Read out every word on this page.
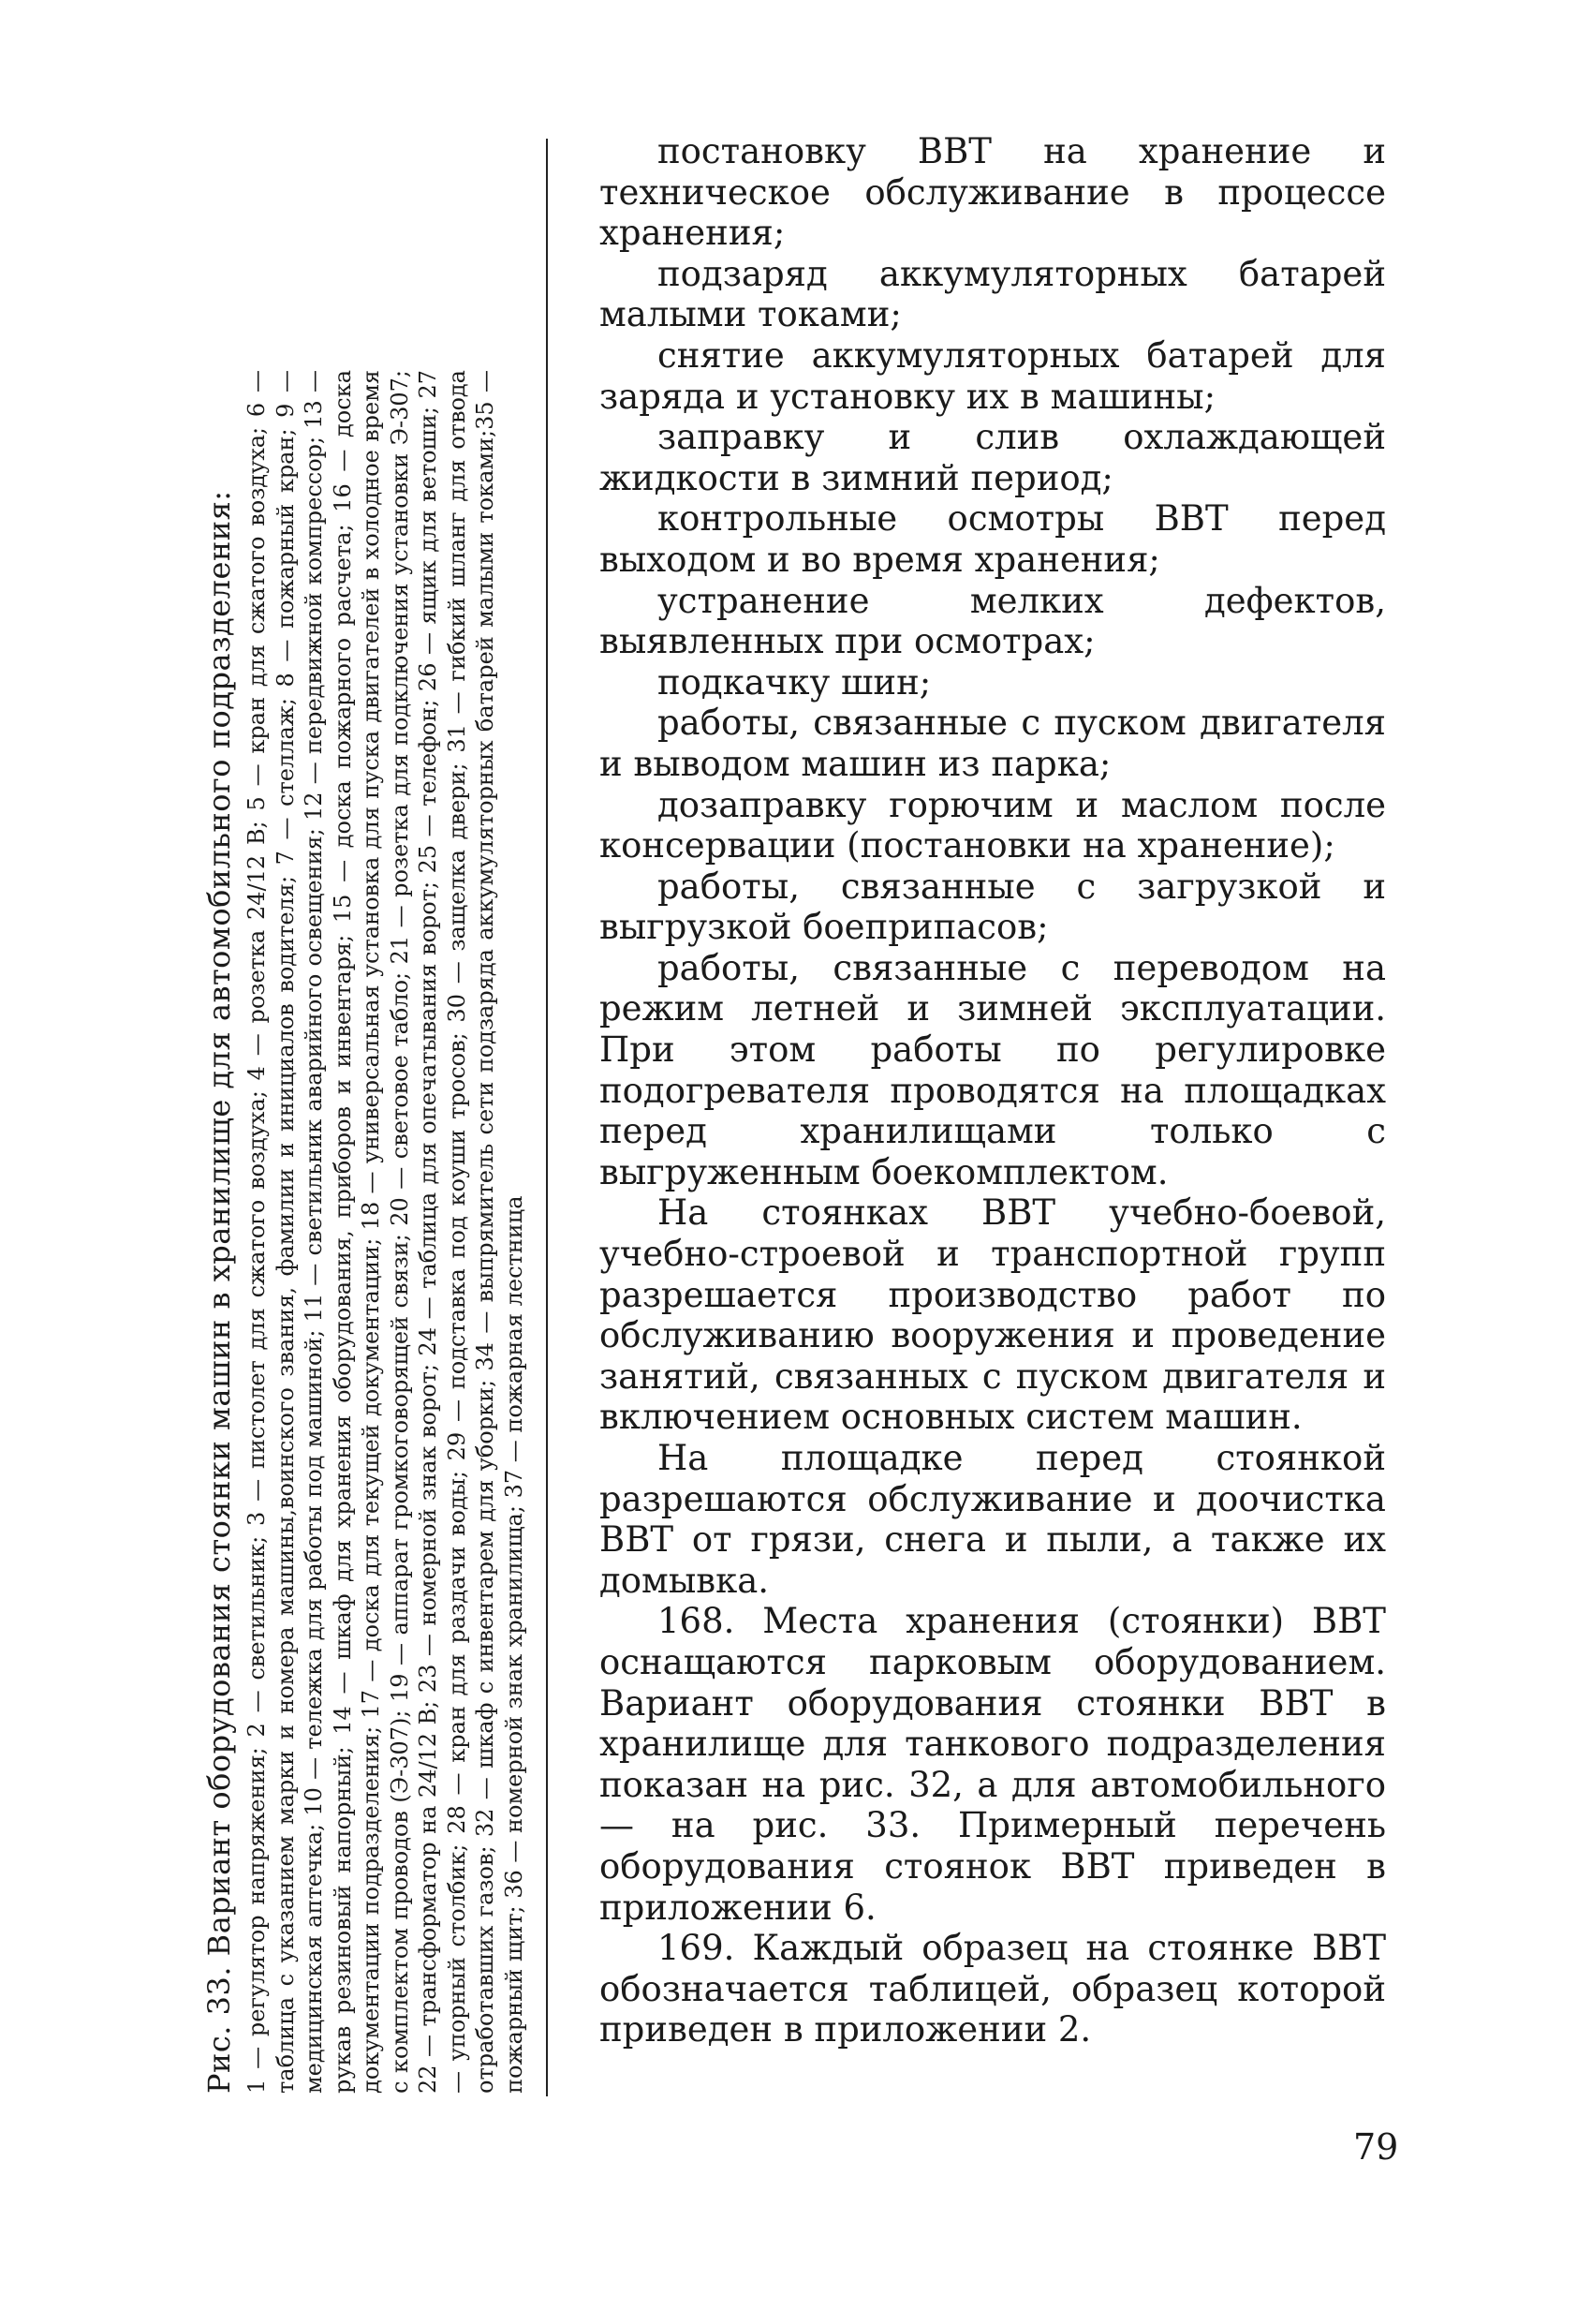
Рис. 33. Вариант оборудования стоянки машин в хранилище для автомобильного подразделения: 1 — регулятор напряжения; 2 — светильник; 3 — пистолет для сжатого воздуха; 4 — розетка 24/12 В; 5 — кран для сжатого воздуха; 6 — таблица с указанием марки и номера машины,воинского звания, фамилии и инициалов водителя; 7 — стеллаж; 8 — пожарный кран; 9 — медицинская аптечка; 10 — тележка для работы под машиной; 11 — светильник аварийного освещения; 12 — передвижной компрессор; 13 — рукав резиновый напорный; 14 — шкаф для хранения оборудования, приборов и инвентаря; 15 — доска пожарного расчета; 16 — доска документации подразделения; 17 — доска для текущей документации; 18 — универсальная установка для пуска двигателей в холодное время с комплектом проводов (Э-307); 19 — аппарат громкоговорящей связи; 20 — световое табло; 21 — розетка для подключения установки Э-307; 22 — трансформатор на 24/12 В; 23 — номерной знак ворот; 24 — таблица для опечатывания ворот; 25 — телефон; 26 — ящик для ветоши; 27 — упорный столбик; 28 — кран для раздачи воды; 29 — подставка под коуши тросов; 30 — защелка двери; 31 — гибкий шланг для отвода отработавших газов; 32 — шкаф с инвентарем для уборки; 34 — выпрямитель сети подзаряда аккумуляторных батарей малыми токами;35 — пожарный щит; 36 — номерной знак хранилища; 37 — пожарная лестница

постановку ВВТ на хранение и техническое обслуживание в процессе хранения;

подзаряд аккумуляторных батарей малыми токами;

снятие аккумуляторных батарей для заряда и установку их в машины;

заправку и слив охлаждающей жидкости в зимний период;

контрольные осмотры ВВТ перед выходом и во время хранения;

устранение мелких дефектов, выявленных при осмотрах;

подкачку шин;

работы, связанные с пуском двигателя и выводом машин из парка;

дозаправку горючим и маслом после консервации (постановки на хранение);

работы, связанные с загрузкой и выгрузкой боеприпасов;

работы, связанные с переводом на режим летней и зимней эксплуатации. При этом работы по регулировке подогревателя проводятся на площадках перед хранилищами только с выгруженным боекомплектом.

На стоянках ВВТ учебно-боевой, учебно-строевой и транспортной групп разрешается производство работ по обслуживанию вооружения и проведение занятий, связанных с пуском двигателя и включением основных систем машин.

На площадке перед стоянкой разрешаются обслуживание и доочистка ВВТ от грязи, снега и пыли, а также их домывка.

168. Места хранения (стоянки) ВВТ оснащаются парковым оборудованием. Вариант оборудования стоянки ВВТ в хранилище для танкового подразделения показан на рис. 32, а для автомобильного — на рис. 33. Примерный перечень оборудования стоянок ВВТ приведен в приложении 6.

169. Каждый образец на стоянке ВВТ обозначается таблицей, образец которой приведен в приложении 2.

79
